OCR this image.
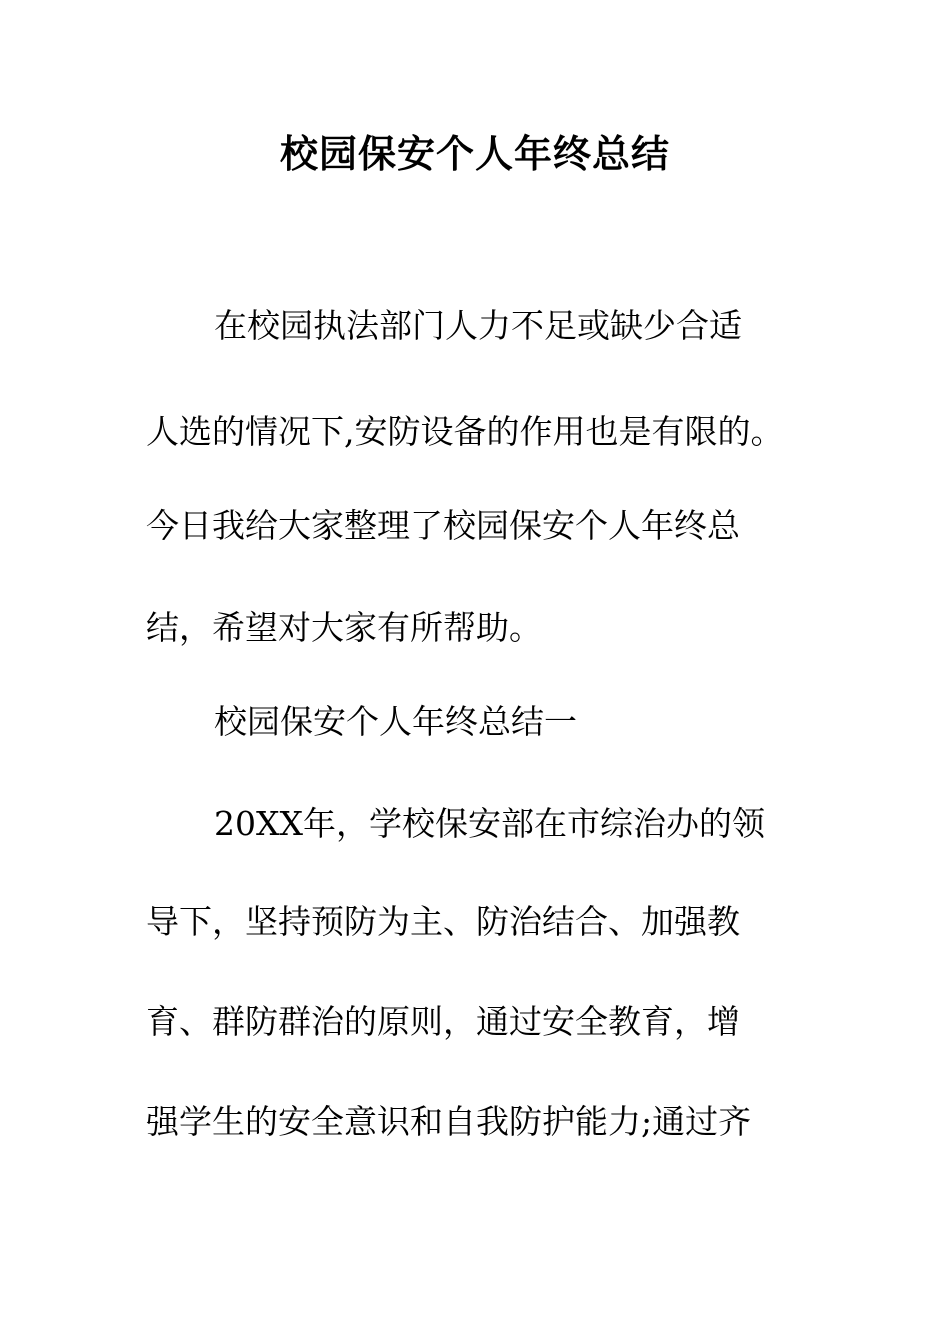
校园保安个人年终总结

在校园执法部门人力不足或缺少合适

人选的情况下,安防设备的作用也是有限的。

今日我给大家整理了校园保安个人年终总

结，希望对大家有所帮助。

校园保安个人年终总结一

20XX年，学校保安部在市综治办的领

导下，坚持预防为主、防治结合、加强教

育、群防群治的原则，通过安全教育，增

强学生的安全意识和自我防护能力;通过齐
